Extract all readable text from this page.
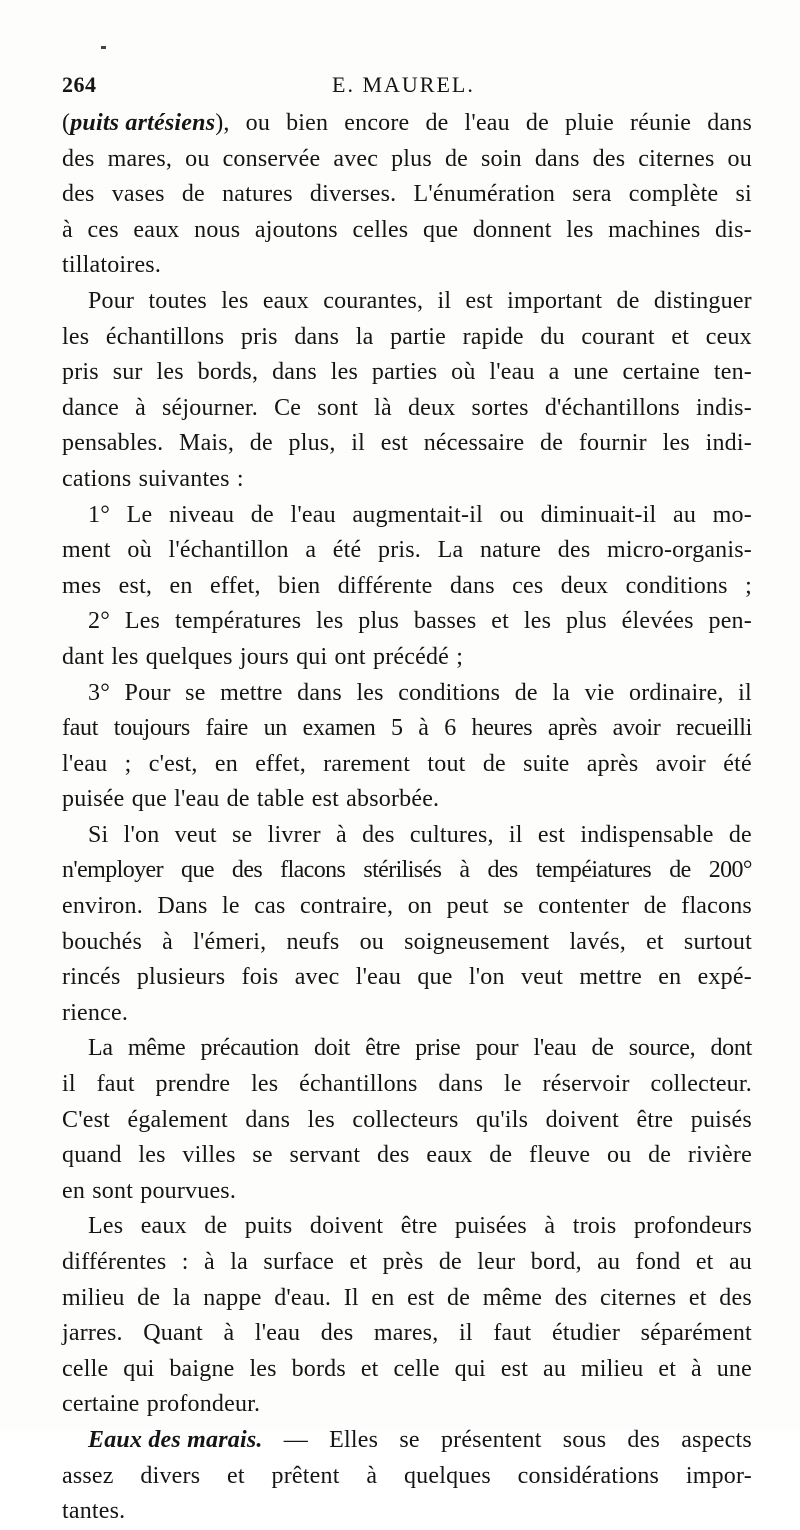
264	E. MAUREL.
(puits artésiens), ou bien encore de l'eau de pluie réunie dans
des mares, ou conservée avec plus de soin dans des citernes ou
des vases de natures diverses. L'énumération sera complète si
à ces eaux nous ajoutons celles que donnent les machines dis-
tillatoires.
Pour toutes les eaux courantes, il est important de distinguer
les échantillons pris dans la partie rapide du courant et ceux
pris sur les bords, dans les parties où l'eau a une certaine ten-
dance à séjourner. Ce sont là deux sortes d'échantillons indis-
pensables. Mais, de plus, il est nécessaire de fournir les indi-
cations suivantes :
1° Le niveau de l'eau augmentait-il ou diminuait-il au mo-
ment où l'échantillon a été pris. La nature des micro-organis-
mes est, en effet, bien différente dans ces deux conditions ;
2° Les températures les plus basses et les plus élevées pen-
dant les quelques jours qui ont précédé ;
3° Pour se mettre dans les conditions de la vie ordinaire, il
faut toujours faire un examen 5 à 6 heures après avoir recueilli
l'eau ; c'est, en effet, rarement tout de suite après avoir été
puisée que l'eau de table est absorbée.
Si l'on veut se livrer à des cultures, il est indispensable de
n'employer que des flacons stérilisés à des tempéiatures de 200°
environ. Dans le cas contraire, on peut se contenter de flacons
bouchés à l'émeri, neufs ou soigneusement lavés, et surtout
rincés plusieurs fois avec l'eau que l'on veut mettre en expé-
rience.
La même précaution doit être prise pour l'eau de source, dont
il faut prendre les échantillons dans le réservoir collecteur.
C'est également dans les collecteurs qu'ils doivent être puisés
quand les villes se servant des eaux de fleuve ou de rivière
en sont pourvues.
Les eaux de puits doivent être puisées à trois profondeurs
différentes : à la surface et près de leur bord, au fond et au
milieu de la nappe d'eau. Il en est de même des citernes et des
jarres. Quant à l'eau des mares, il faut étudier séparément
celle qui baigne les bords et celle qui est au milieu et à une
certaine profondeur.
Eaux des marais. — Elles se présentent sous des aspects
assez divers et prêtent à quelques considérations impor-
tantes.
